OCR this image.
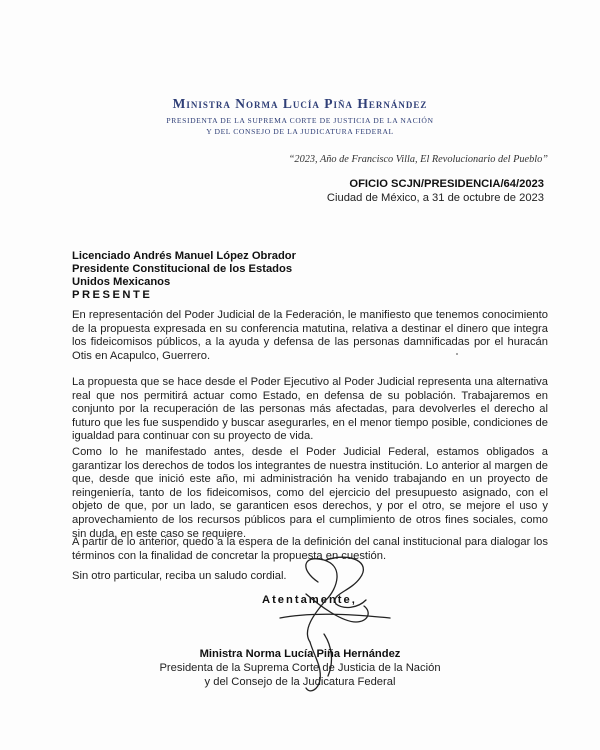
Ministra Norma Lucía Piña Hernández
PRESIDENTA DE LA SUPREMA CORTE DE JUSTICIA DE LA NACIÓN
Y DEL CONSEJO DE LA JUDICATURA FEDERAL
“2023, Año de Francisco Villa, El Revolucionario del Pueblo”
OFICIO SCJN/PRESIDENCIA/64/2023
Ciudad de México, a 31 de octubre de 2023
Licenciado Andrés Manuel López Obrador
Presidente Constitucional de los Estados
Unidos Mexicanos
PRESENTE

En representación del Poder Judicial de la Federación, le manifiesto que tenemos conocimiento de la propuesta expresada en su conferencia matutina, relativa a destinar el dinero que integra los fideicomisos públicos, a la ayuda y defensa de las personas damnificadas por el huracán Otis en Acapulco, Guerrero.

La propuesta que se hace desde el Poder Ejecutivo al Poder Judicial representa una alternativa real que nos permitirá actuar como Estado, en defensa de su población. Trabajaremos en conjunto por la recuperación de las personas más afectadas, para devolverles el derecho al futuro que les fue suspendido y buscar asegurarles, en el menor tiempo posible, condiciones de igualdad para continuar con su proyecto de vida.

Como lo he manifestado antes, desde el Poder Judicial Federal, estamos obligados a garantizar los derechos de todos los integrantes de nuestra institución. Lo anterior al margen de que, desde que inició este año, mi administración ha venido trabajando en un proyecto de reingeniería, tanto de los fideicomisos, como del ejercicio del presupuesto asignado, con el objeto de que, por un lado, se garanticen esos derechos, y por el otro, se mejore el uso y aprovechamiento de los recursos públicos para el cumplimiento de otros fines sociales, como sin duda, en este caso se requiere.

A partir de lo anterior, quedo a la espera de la definición del canal institucional para dialogar los términos con la finalidad de concretar la propuesta en cuestión.

Sin otro particular, reciba un saludo cordial.

Atentamente,
Ministra Norma Lucía Piña Hernández
Presidenta de la Suprema Corte de Justicia de la Nación
y del Consejo de la Judicatura Federal
